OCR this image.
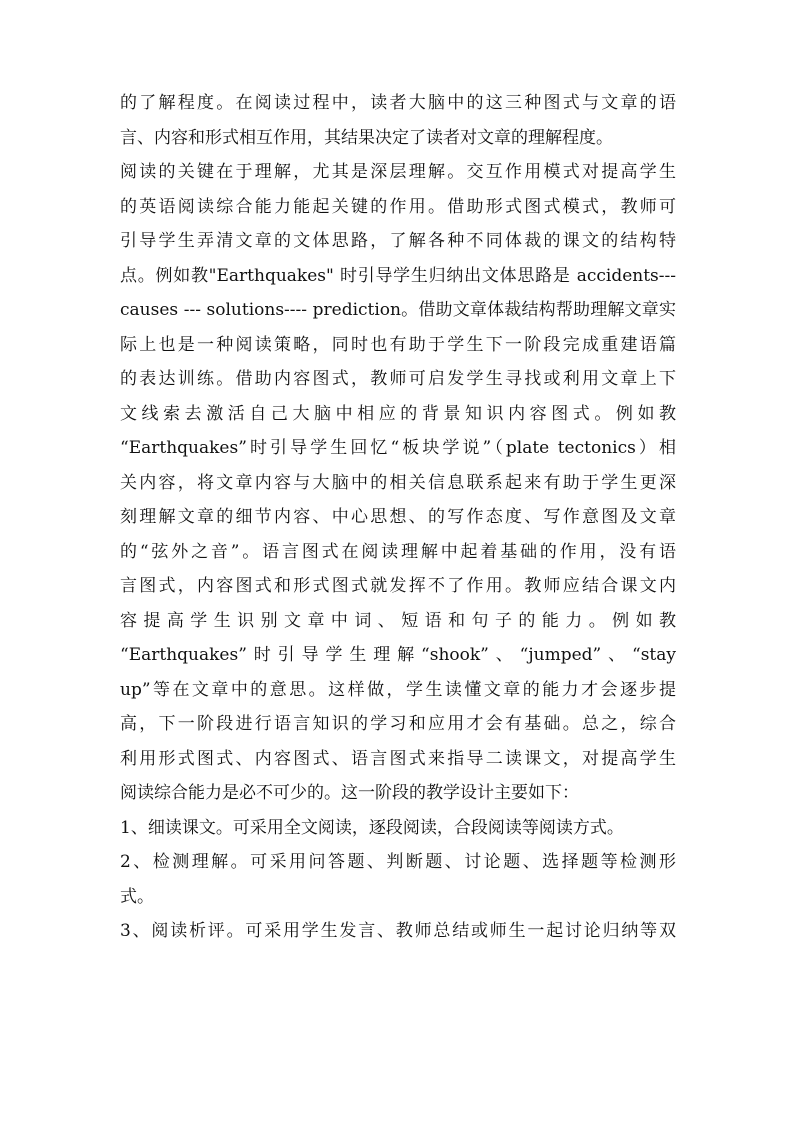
的了解程度。在阅读过程中，读者大脑中的这三种图式与文章的语
言、内容和形式相互作用，其结果决定了读者对文章的理解程度。
阅读的关键在于理解，尤其是深层理解。交互作用模式对提高学生
的英语阅读综合能力能起关键的作用。借助形式图式模式，教师可
引导学生弄清文章的文体思路，了解各种不同体裁的课文的结构特
点。例如教"Earthquakes" 时引导学生归纳出文体思路是 accidents---
causes --- solutions---- prediction。借助文章体裁结构帮助理解文章实
际上也是一种阅读策略，同时也有助于学生下一阶段完成重建语篇
的表达训练。借助内容图式，教师可启发学生寻找或利用文章上下
文线索去激活自己大脑中相应的背景知识内容图式。例如教
“Earthquakes”时引导学生回忆“板块学说”（plate tectonics）相
关内容，将文章内容与大脑中的相关信息联系起来有助于学生更深
刻理解文章的细节内容、中心思想、的写作态度、写作意图及文章
的“弦外之音”。语言图式在阅读理解中起着基础的作用，没有语
言图式，内容图式和形式图式就发挥不了作用。教师应结合课文内
容提高学生识别文章中词、短语和句子的能力。例如教
“Earthquakes”时引导学生理解“shook”、“jumped”、“stay
up”等在文章中的意思。这样做，学生读懂文章的能力才会逐步提
高，下一阶段进行语言知识的学习和应用才会有基础。总之，综合
利用形式图式、内容图式、语言图式来指导二读课文，对提高学生
阅读综合能力是必不可少的。这一阶段的教学设计主要如下：
1、细读课文。可采用全文阅读，逐段阅读，合段阅读等阅读方式。
2、检测理解。可采用问答题、判断题、讨论题、选择题等检测形
式。
3、阅读析评。可采用学生发言、教师总结或师生一起讨论归纳等双
